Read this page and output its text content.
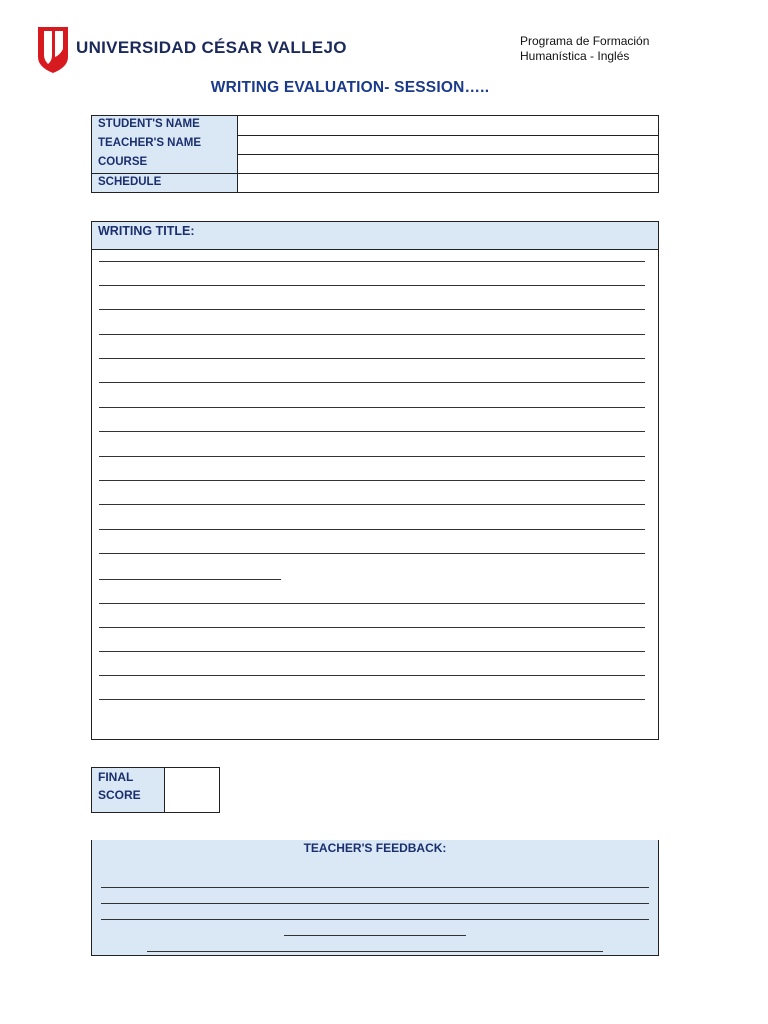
UNIVERSIDAD CÉSAR VALLEJO	Programa de Formación
Humanística - Inglés
WRITING EVALUATION- SESSION…..
STUDENT'S NAME
TEACHER'S NAME
COURSE
SCHEDULE
WRITING TITLE:
FINAL
SCORE
TEACHER'S FEEDBACK:
